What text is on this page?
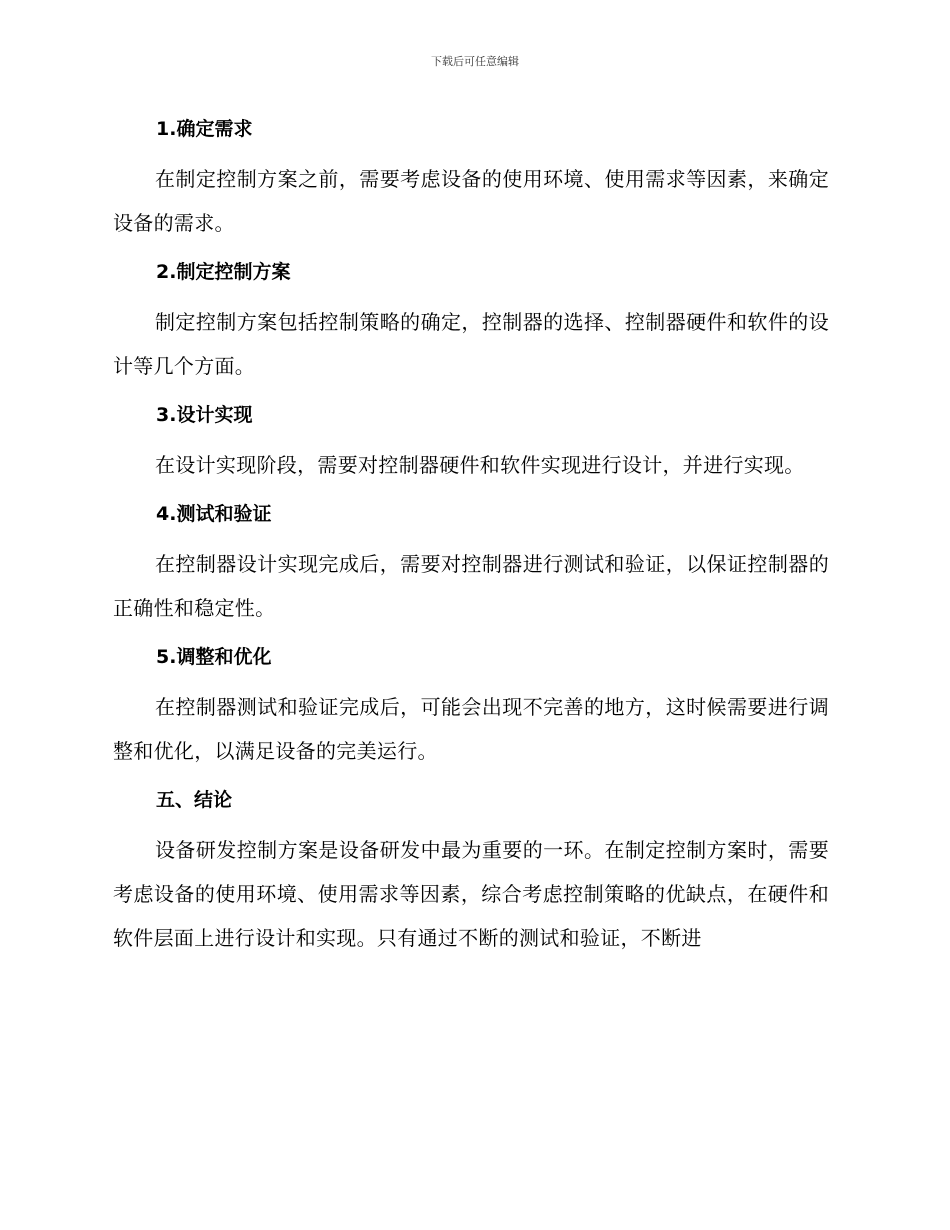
下载后可任意编辑
1.确定需求
在制定控制方案之前，需要考虑设备的使用环境、使用需求等因素，来确定设备的需求。
2.制定控制方案
制定控制方案包括控制策略的确定，控制器的选择、控制器硬件和软件的设计等几个方面。
3.设计实现
在设计实现阶段，需要对控制器硬件和软件实现进行设计，并进行实现。
4.测试和验证
在控制器设计实现完成后，需要对控制器进行测试和验证，以保证控制器的正确性和稳定性。
5.调整和优化
在控制器测试和验证完成后，可能会出现不完善的地方，这时候需要进行调整和优化，以满足设备的完美运行。
五、结论
设备研发控制方案是设备研发中最为重要的一环。在制定控制方案时，需要考虑设备的使用环境、使用需求等因素，综合考虑控制策略的优缺点，在硬件和软件层面上进行设计和实现。只有通过不断的测试和验证，不断进
